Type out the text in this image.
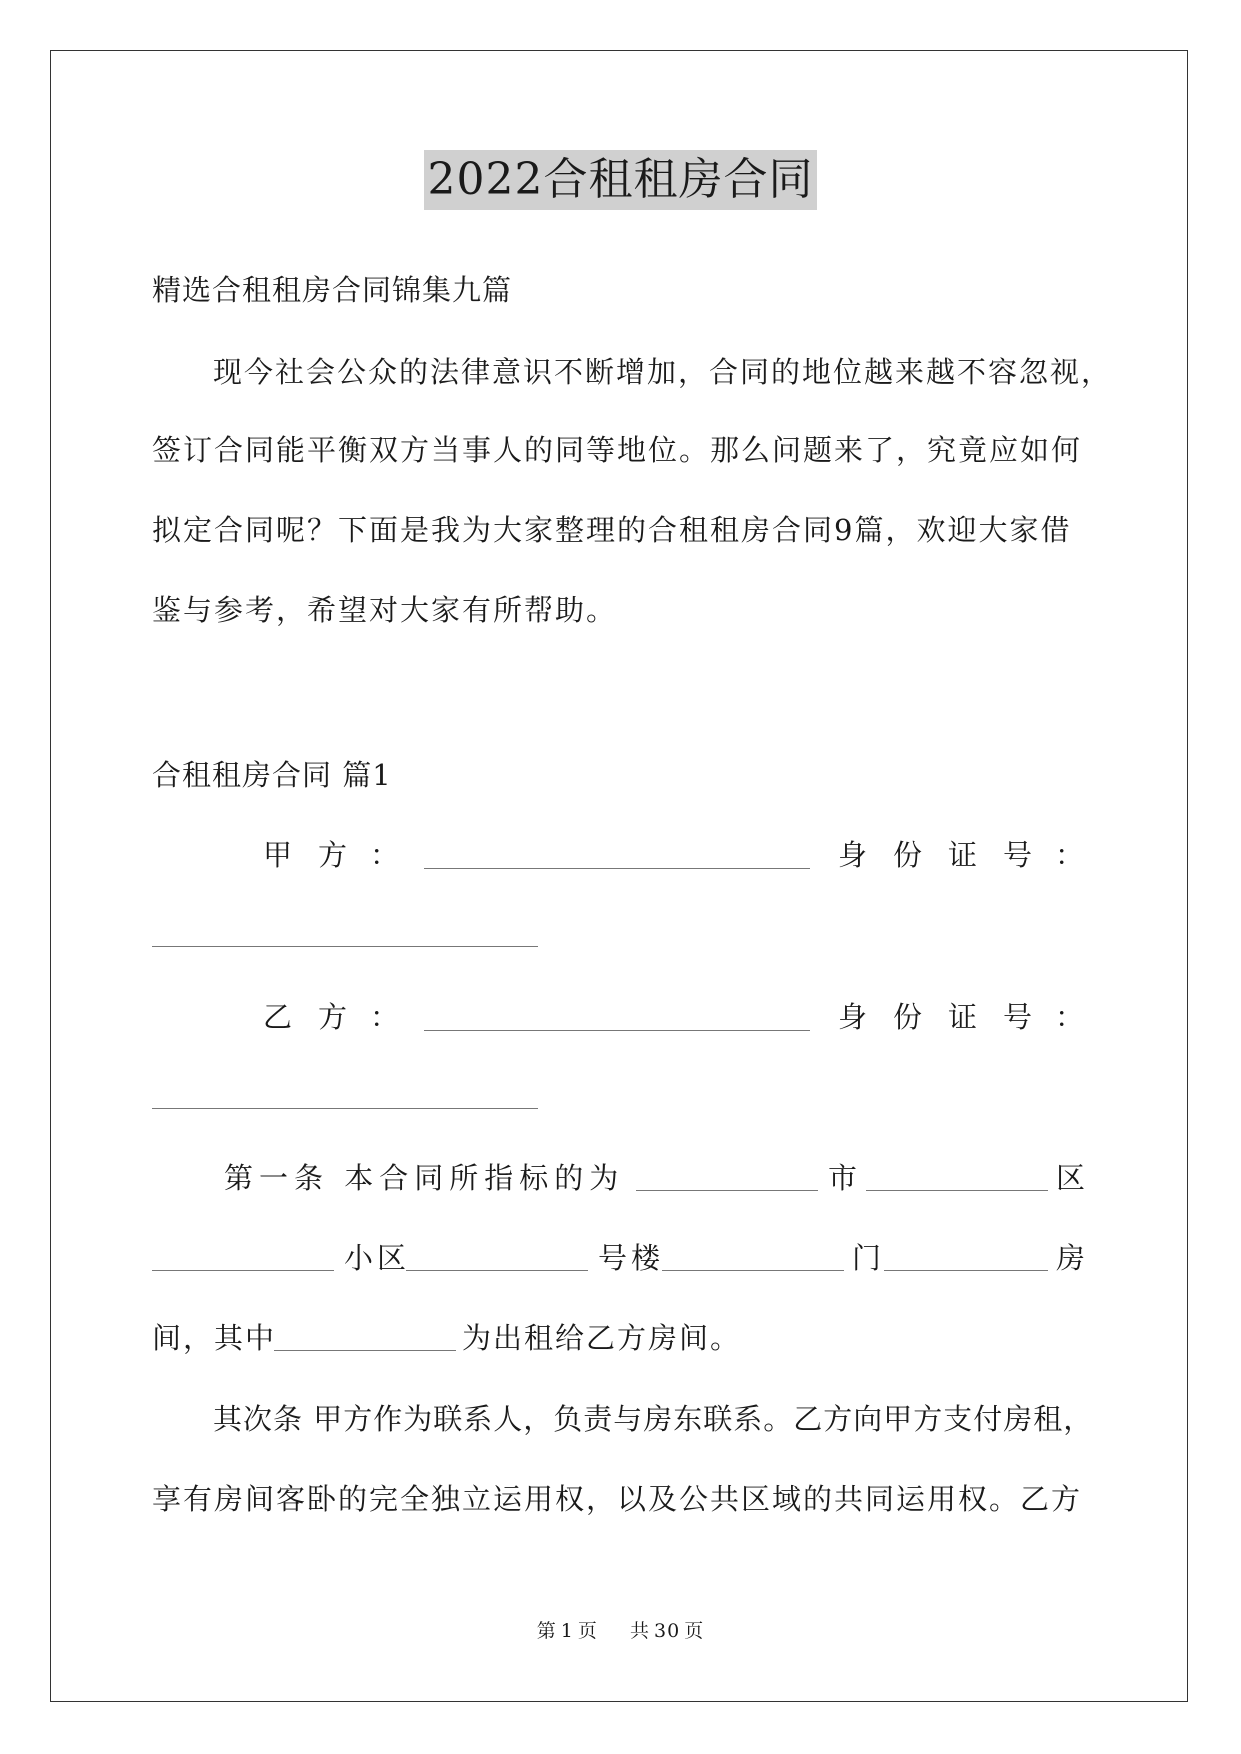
2022合租租房合同
精选合租租房合同锦集九篇
现今社会公众的法律意识不断增加，合同的地位越来越不容忽视，
签订合同能平衡双方当事人的同等地位。那么问题来了，究竟应如何
拟定合同呢？下面是我为大家整理的合租租房合同9篇，欢迎大家借
鉴与参考，希望对大家有所帮助。
合租租房合同 篇1
甲 方 ：	身 份 证 号 ：
乙 方 ：	身 份 证 号 ：
第一条 本合同所指标的为	市	区
小区	号楼	门	房
间，其中	为出租给乙方房间。
其次条 甲方作为联系人，负责与房东联系。乙方向甲方支付房租，
享有房间客卧的完全独立运用权，以及公共区域的共同运用权。乙方
第 1 页 共 30 页
